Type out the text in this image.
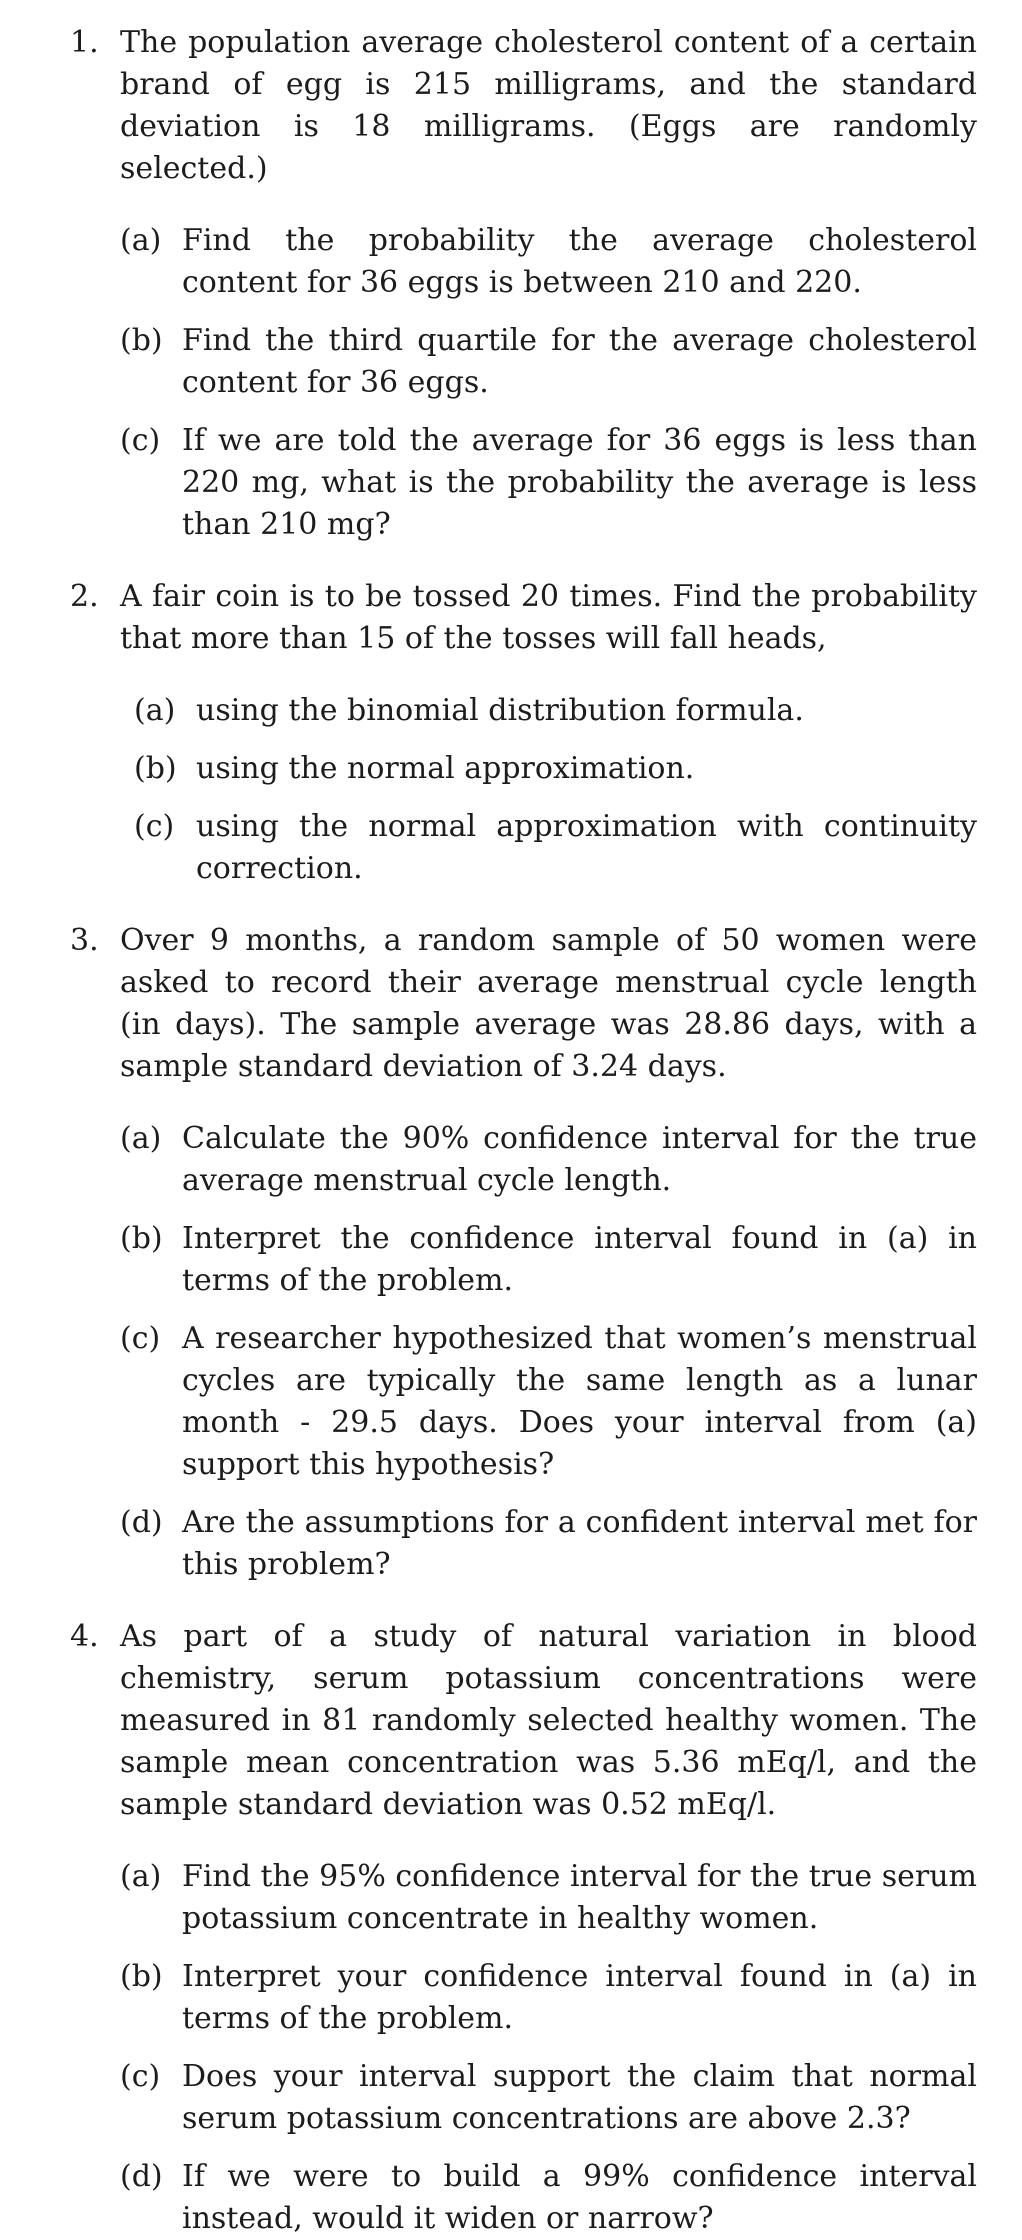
1. The population average cholesterol content of a certain brand of egg is 215 milligrams, and the standard deviation is 18 milligrams. (Eggs are randomly selected.)

(a) Find the probability the average cholesterol content for 36 eggs is between 210 and 220.
(b) Find the third quartile for the average cholesterol content for 36 eggs.
(c) If we are told the average for 36 eggs is less than 220 mg, what is the probability the average is less than 210 mg?
2. A fair coin is to be tossed 20 times. Find the probability that more than 15 of the tosses will fall heads,

(a) using the binomial distribution formula.
(b) using the normal approximation.
(c) using the normal approximation with continuity correction.
3. Over 9 months, a random sample of 50 women were asked to record their average menstrual cycle length (in days). The sample average was 28.86 days, with a sample standard deviation of 3.24 days.

(a) Calculate the 90% confidence interval for the true average menstrual cycle length.
(b) Interpret the confidence interval found in (a) in terms of the problem.
(c) A researcher hypothesized that women’s menstrual cycles are typically the same length as a lunar month - 29.5 days. Does your interval from (a) support this hypothesis?
(d) Are the assumptions for a confident interval met for this problem?
4. As part of a study of natural variation in blood chemistry, serum potassium concentrations were measured in 81 randomly selected healthy women. The sample mean concentration was 5.36 mEq/l, and the sample standard deviation was 0.52 mEq/l.

(a) Find the 95% confidence interval for the true serum potassium concentrate in healthy women.
(b) Interpret your confidence interval found in (a) in terms of the problem.
(c) Does your interval support the claim that normal serum potassium concentrations are above 2.3?
(d) If we were to build a 99% confidence interval instead, would it widen or narrow?
